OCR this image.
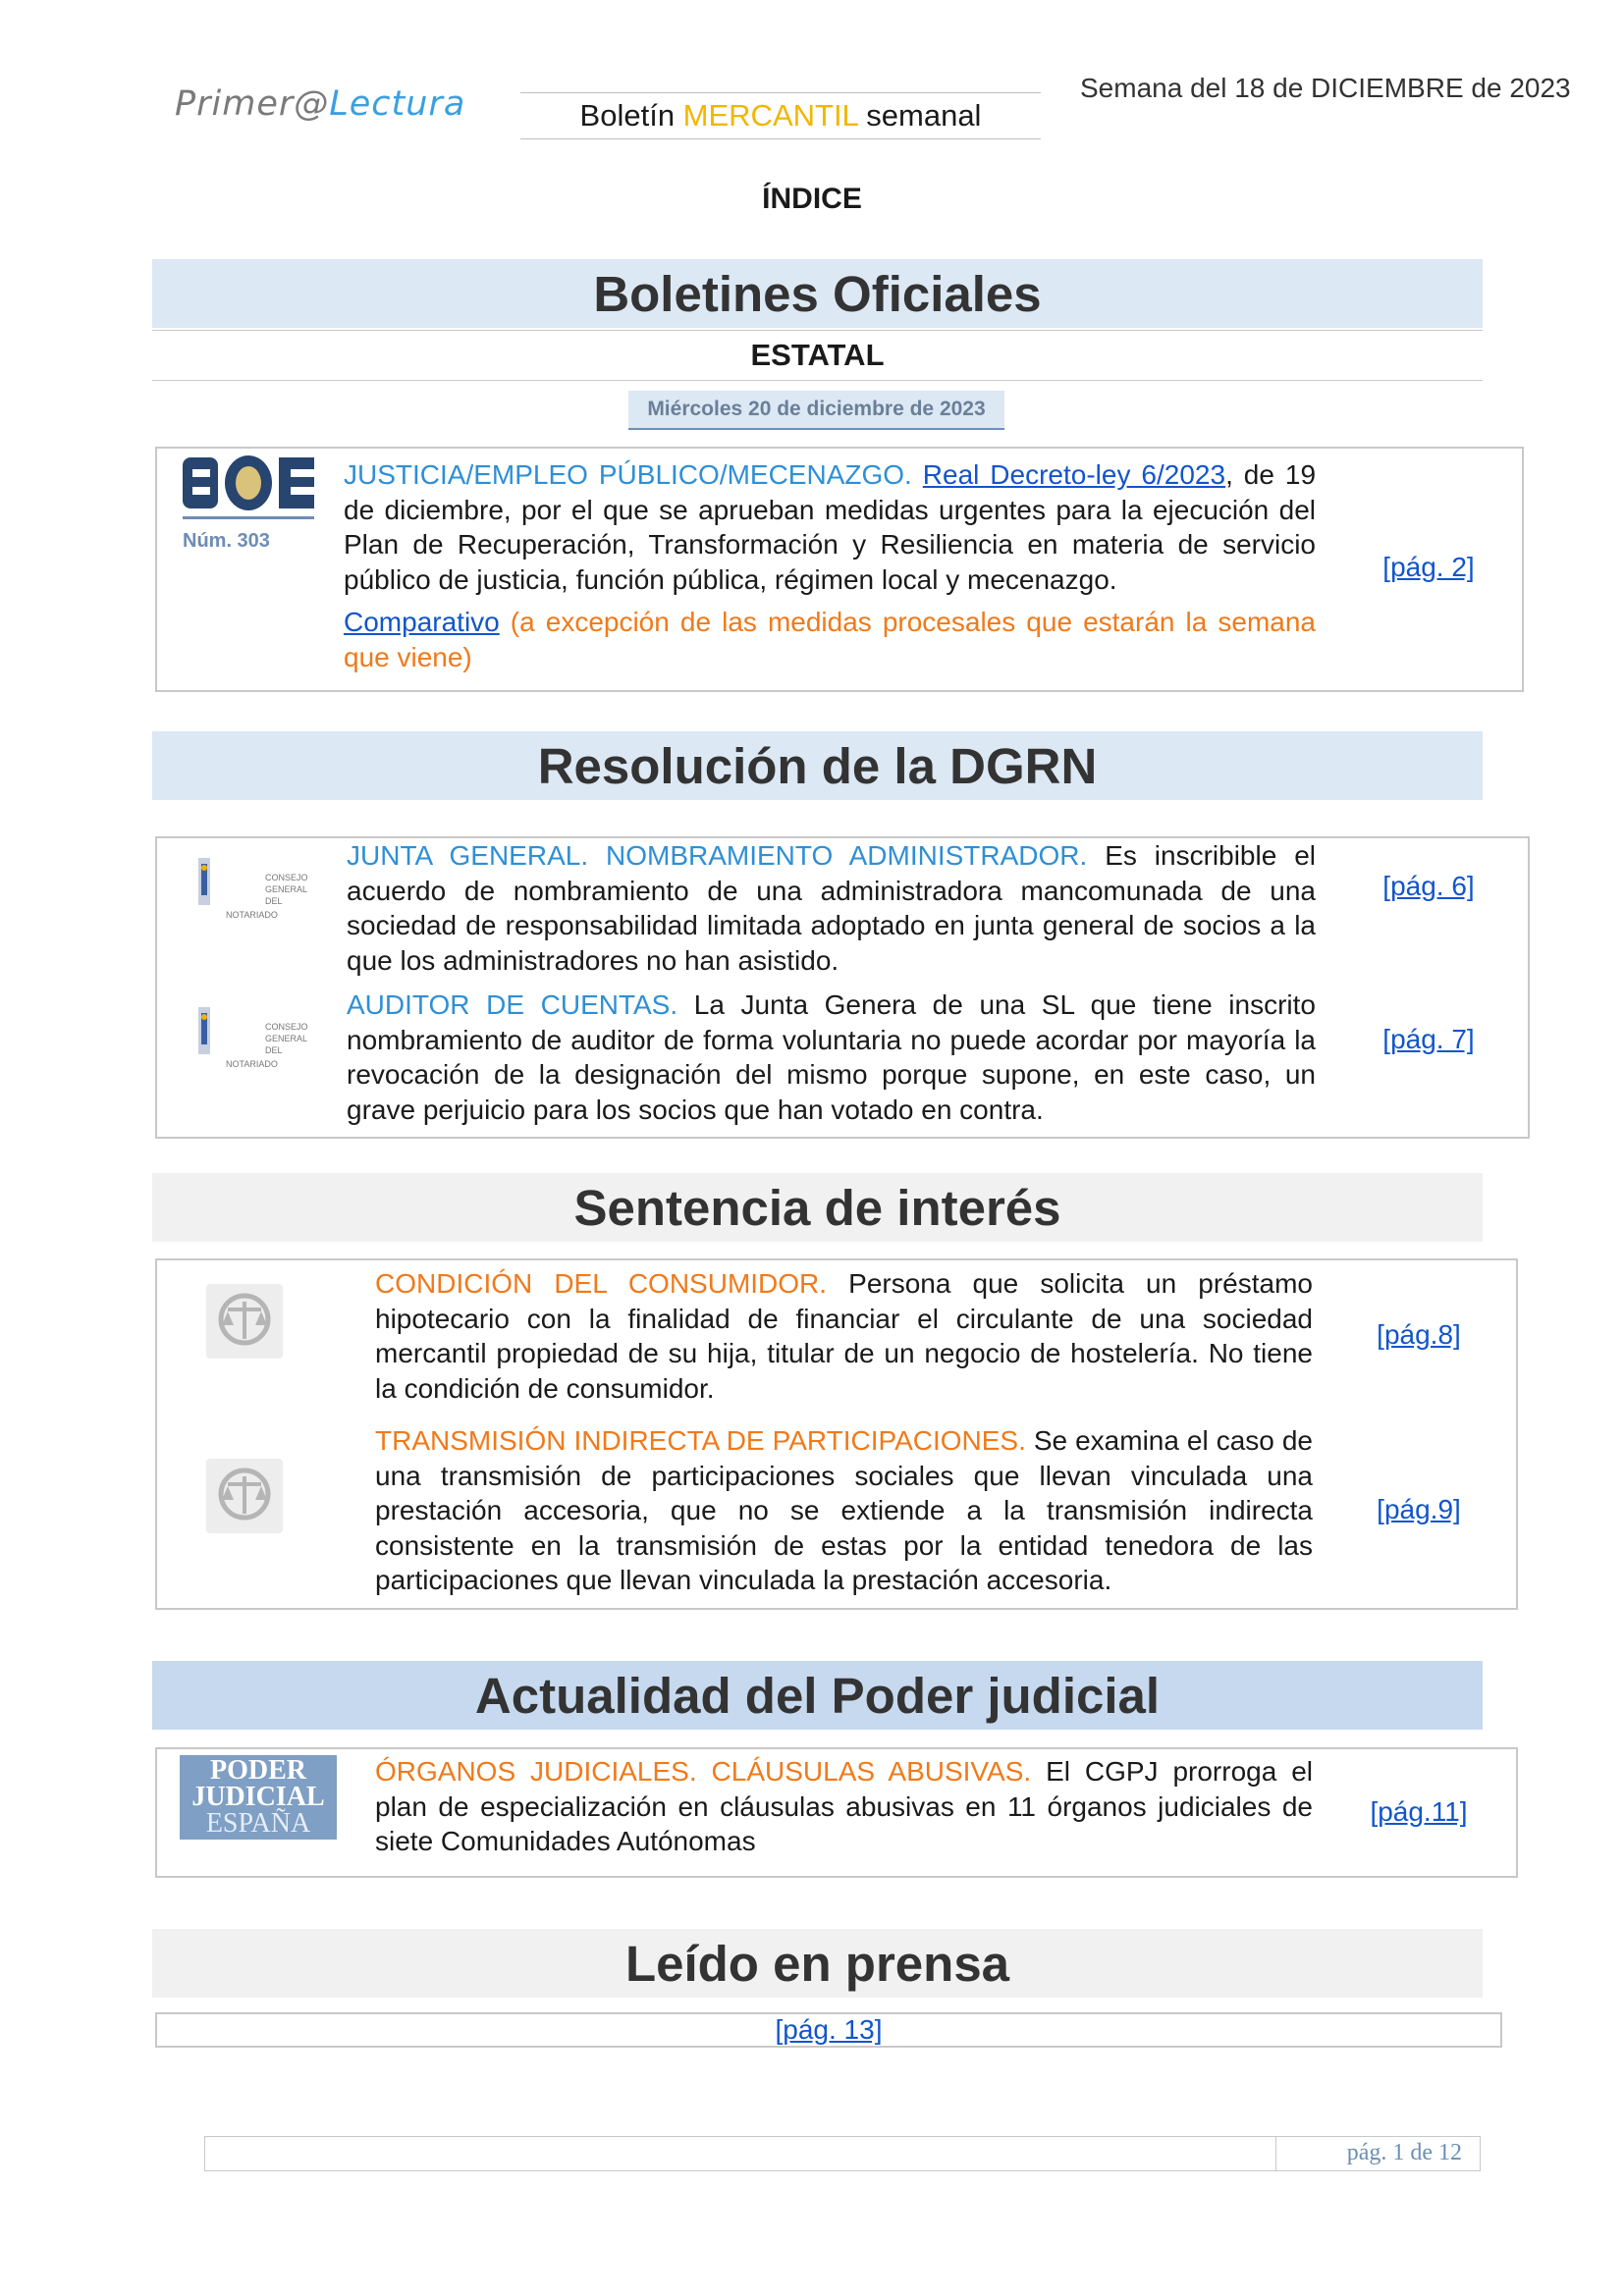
Primer@Lectura	Boletín MERCANTIL semanal
Semana del 18 de DICIEMBRE de 2023
ÍNDICE
Boletines Oficiales
ESTATAL
Miércoles 20 de diciembre de 2023
Núm. 303
JUSTICIA/EMPLEO PÚBLICO/MECENAZGO. Real Decreto-ley 6/2023, de 19 de diciembre, por el que se aprueban medidas urgentes para la ejecución del Plan de Recuperación, Transformación y Resiliencia en materia de servicio público de justicia, función pública, régimen local y mecenazgo.
Comparativo (a excepción de las medidas procesales que estarán la semana que viene)
[pág. 2]
Resolución de la DGRN
CONSEJO GENERAL
DEL NOTARIADO
JUNTA GENERAL. NOMBRAMIENTO ADMINISTRADOR. Es inscribible el acuerdo de nombramiento de una administradora mancomunada de una sociedad de responsabilidad limitada adoptado en junta general de socios a la que los administradores no han asistido.
[pág. 6]
CONSEJO GENERAL
DEL NOTARIADO
AUDITOR DE CUENTAS. La Junta Genera de una SL que tiene inscrito nombramiento de auditor de forma voluntaria no puede acordar por mayoría la revocación de la designación del mismo porque supone, en este caso, un grave perjuicio para los socios que han votado en contra.
[pág. 7]
Sentencia de interés
CONDICIÓN DEL CONSUMIDOR. Persona que solicita un préstamo hipotecario con la finalidad de financiar el circulante de una sociedad mercantil propiedad de su hija, titular de un negocio de hostelería. No tiene la condición de consumidor.
[pág.8]
TRANSMISIÓN INDIRECTA DE PARTICIPACIONES. Se examina el caso de una transmisión de participaciones sociales que llevan vinculada una prestación accesoria, que no se extiende a la transmisión indirecta consistente en la transmisión de estas por la entidad tenedora de las participaciones que llevan vinculada la prestación accesoria.
[pág.9]
Actualidad del Poder judicial
PODER
JUDICIAL
ESPAÑA
ÓRGANOS JUDICIALES. CLÁUSULAS ABUSIVAS. El CGPJ prorroga el plan de especialización en cláusulas abusivas en 11 órganos judiciales de siete Comunidades Autónomas
[pág.11]
Leído en prensa
[pág. 13]
pág. 1 de 12
